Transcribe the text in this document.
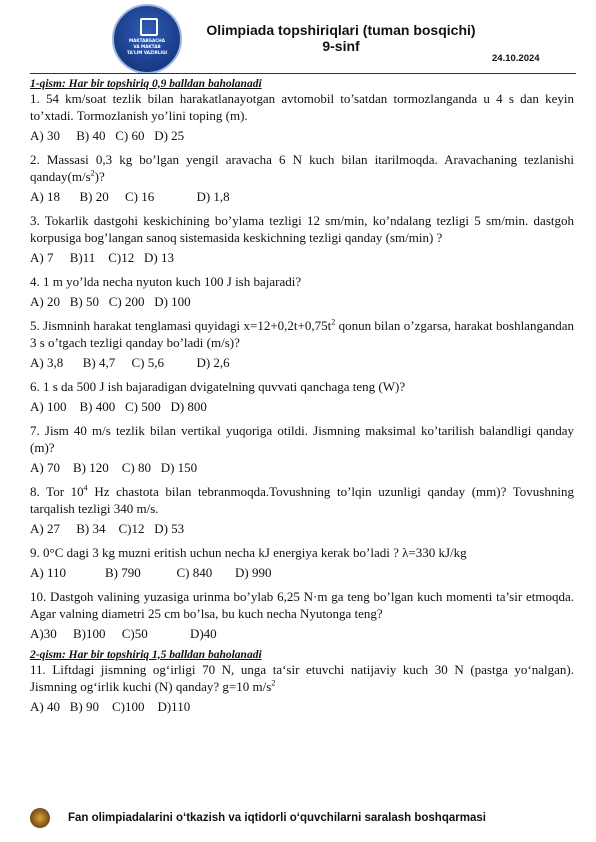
MAKTABGACHA
VA MAKTAB
TA'LIM VAZIRLIGI
Olimpiada topshiriqlari (tuman bosqichi)
9-sinf
24.10.2024

1-qism: Har bir topshiriq 0,9 balldan baholanadi

1. 54 km/soat tezlik bilan harakatlanayotgan avtomobil to’satdan tormozlanganda u 4 s dan keyin to’xtadi. Tormozlanish yo’lini toping (m).

A) 30     B) 40   C) 60   D) 25

2. Massasi 0,3 kg bo’lgan yengil aravacha 6 N kuch bilan itarilmoqda. Aravachaning tezlanishi $qanday(m/s^2)$?

A) 18      B) 20     C) 16             D) 1,8

3. Tokarlik dastgohi keskichining bo’ylama tezligi 12 sm/min, ko’ndalang tezligi 5 sm/min. dastgoh korpusiga bog’langan sanoq sistemasida keskichning tezligi qanday (sm/min) ?

A) 7     B)11    C)12   D) 13

4. 1 m yo’lda necha nyuton kuch 100 J ish bajaradi?

A) 20   B) 50   C) 200   D) 100

5. Jismninh harakat tenglamasi quyidagi $x=12+0,2t+0,75t^2$ qonun bilan o’zgarsa, harakat boshlangandan 3 s o’tgach tezligi qanday bo’ladi (m/s)?

A) 3,8      B) 4,7     C) 5,6          D) 2,6

6. 1 s da 500 J ish bajaradigan dvigatelning quvvati qanchaga teng (W)?

A) 100    B) 400   C) 500   D) 800

7. Jism 40 m/s tezlik bilan vertikal yuqoriga otildi. Jismning maksimal ko’tarilish balandligi qanday (m)?

A) 70    B) 120    C) 80   D) 150

8. Tor $10^4$ Hz chastota bilan tebranmoqda.Tovushning to’lqin uzunligi qanday (mm)? Tovushning tarqalish tezligi 340 m/s.

A) 27     B) 34    C)12   D) 53

9. 0°C dagi 3 kg muzni eritish uchun necha kJ energiya kerak bo’ladi ? λ=330 kJ/kg

A) 110            B) 790           C) 840       D) 990

10. Dastgoh valining yuzasiga urinma bo’ylab 6,25 N·m ga teng bo’lgan kuch momenti ta’sir etmoqda. Agar valning diametri 25 cm bo’lsa, bu kuch necha Nyutonga teng?

A)30     B)100     C)50             D)40

2-qism: Har bir topshiriq 1,5 balldan baholanadi

11. Liftdagi jismning og‘irligi 70 N, unga ta‘sir etuvchi natijaviy kuch 30 N (pastga yo‘nalgan). Jismning og‘irlik kuchi (N) qanday? g=10 $m/s^2$

A) 40   B) 90    C)100    D)110
Fan olimpiadalarini o‘tkazish va iqtidorli o‘quvchilarni saralash boshqarmasi
